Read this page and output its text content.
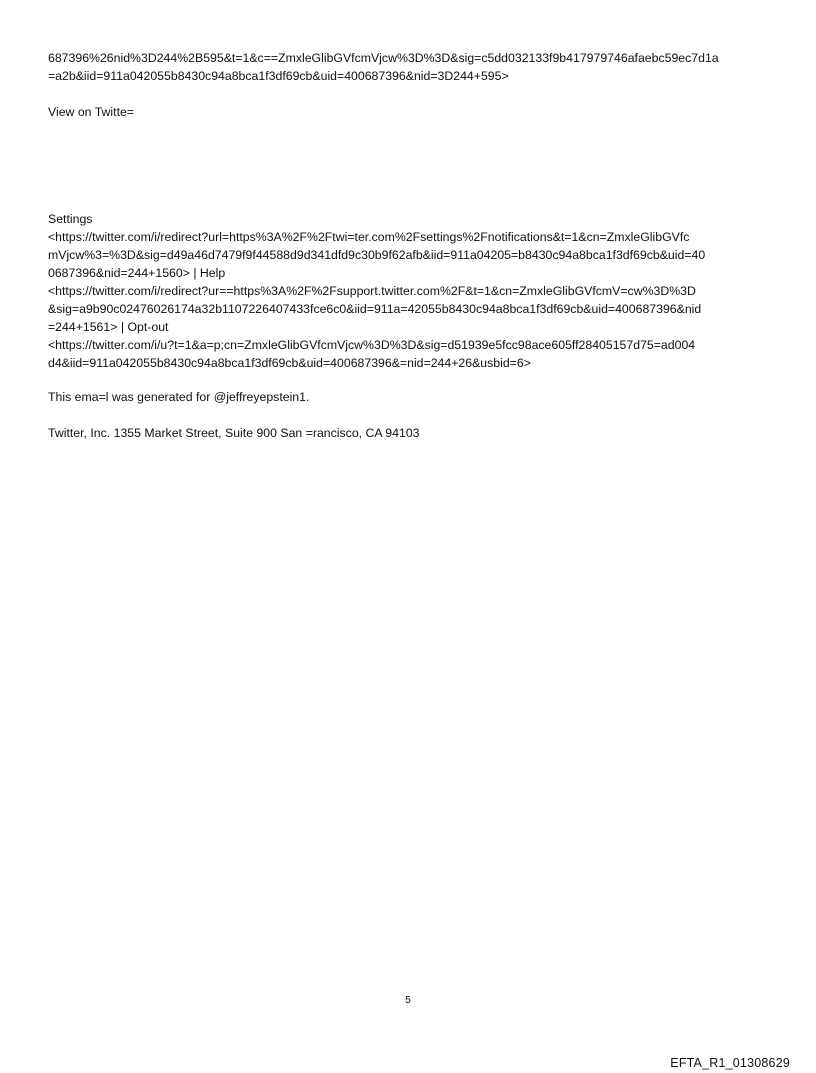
687396%26nid%3D244%2B595&t=1&c==ZmxleGlibGVfcmVjcw%3D%3D&sig=c5dd032133f9b417979746afaebc59ec7d1a
=a2b&iid=911a042055b8430c94a8bca1f3df69cb&uid=400687396&nid=3D244+595>

View on Twitte=

Settings
<https://twitter.com/i/redirect?url=https%3A%2F%2Ftwi=ter.com%2Fsettings%2Fnotifications&t=1&cn=ZmxleGlibGVfc
mVjcw%3=%3D&sig=d49a46d7479f9f44588d9d341dfd9c30b9f62afb&iid=911a04205=b8430c94a8bca1f3df69cb&uid=40
0687396&nid=244+1560> | Help
<https://twitter.com/i/redirect?ur==https%3A%2F%2Fsupport.twitter.com%2F&t=1&cn=ZmxleGlibGVfcmV=cw%3D%3D
&sig=a9b90c02476026174a32b1107226407433fce6c0&iid=911a=42055b8430c94a8bca1f3df69cb&uid=400687396&nid
=244+1561> | Opt-out
<https://twitter.com/i/u?t=1&a=p;cn=ZmxleGlibGVfcmVjcw%3D%3D&sig=d51939e5fcc98ace605ff28405157d75=ad004
d4&iid=911a042055b8430c94a8bca1f3df69cb&uid=400687396&=nid=244+26&usbid=6>

This ema=l was generated for @jeffreyepstein1.

Twitter, Inc. 1355 Market Street, Suite 900 San =rancisco, CA 94103

5
EFTA_R1_01308629
